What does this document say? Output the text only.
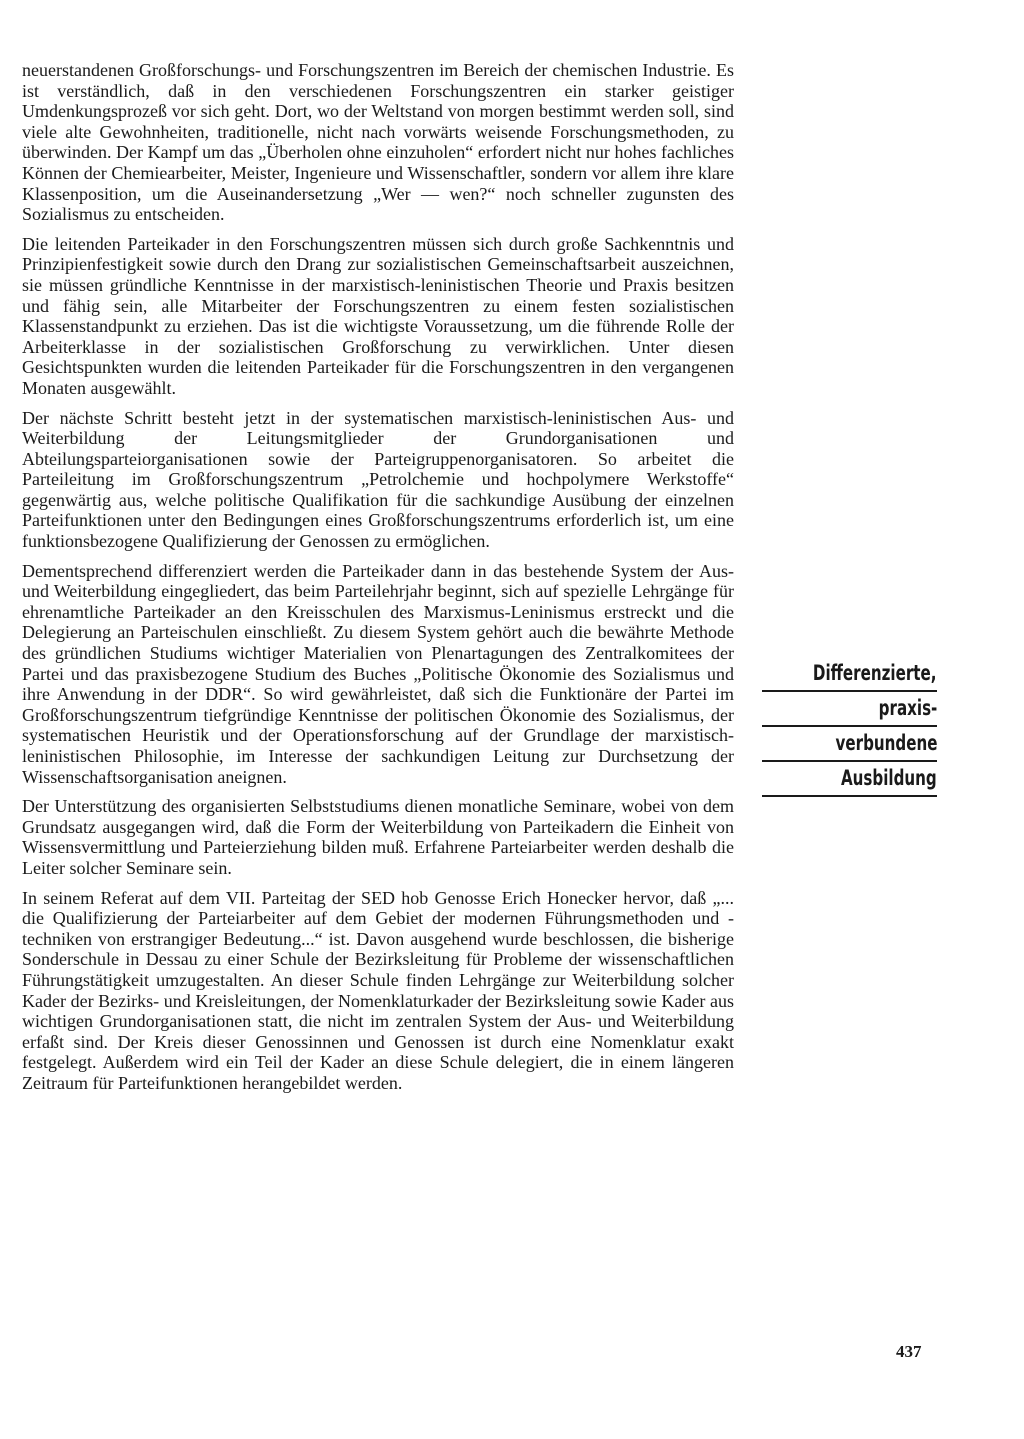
neuerstandenen Großforschungs- und Forschungszentren im Bereich der chemischen Industrie. Es ist verständlich, daß in den verschiedenen Forschungszentren ein starker geistiger Umdenkungsprozeß vor sich geht. Dort, wo der Weltstand von morgen bestimmt werden soll, sind viele alte Gewohnheiten, traditionelle, nicht nach vorwärts weisende Forschungsmethoden, zu überwinden. Der Kampf um das „Überholen ohne einzuholen“ erfordert nicht nur hohes fachliches Können der Chemiearbeiter, Meister, Ingenieure und Wissenschaftler, sondern vor allem ihre klare Klassenposition, um die Auseinandersetzung „Wer — wen?“ noch schneller zugunsten des Sozialismus zu entscheiden.

Die leitenden Parteikader in den Forschungszentren müssen sich durch große Sachkenntnis und Prinzipienfestigkeit sowie durch den Drang zur sozialistischen Gemeinschaftsarbeit auszeichnen, sie müssen gründliche Kenntnisse in der marxistisch-leninistischen Theorie und Praxis besitzen und fähig sein, alle Mitarbeiter der Forschungszentren zu einem festen sozialistischen Klassenstandpunkt zu erziehen. Das ist die wichtigste Voraussetzung, um die führende Rolle der Arbeiterklasse in der sozialistischen Großforschung zu verwirklichen. Unter diesen Gesichtspunkten wurden die leitenden Parteikader für die Forschungszentren in den vergangenen Monaten ausgewählt.

Der nächste Schritt besteht jetzt in der systematischen marxistisch-leninistischen Aus- und Weiterbildung der Leitungsmitglieder der Grundorganisationen und Abteilungsparteiorganisationen sowie der Parteigruppenorganisatoren. So arbeitet die Parteileitung im Großforschungszentrum „Petrolchemie und hochpolymere Werkstoffe“ gegenwärtig aus, welche politische Qualifikation für die sachkundige Ausübung der einzelnen Parteifunktionen unter den Bedingungen eines Großforschungszentrums erforderlich ist, um eine funktionsbezogene Qualifizierung der Genossen zu ermöglichen.

Dementsprechend differenziert werden die Parteikader dann in das bestehende System der Aus- und Weiterbildung eingegliedert, das beim Parteilehrjahr beginnt, sich auf spezielle Lehrgänge für ehrenamtliche Parteikader an den Kreisschulen des Marxismus-Leninismus erstreckt und die Delegierung an Parteischulen einschließt. Zu diesem System gehört auch die bewährte Methode des gründlichen Studiums wichtiger Materialien von Plenartagungen des Zentralkomitees der Partei und das praxisbezogene Studium des Buches „Politische Ökonomie des Sozialismus und ihre Anwendung in der DDR“. So wird gewährleistet, daß sich die Funktionäre der Partei im Großforschungszentrum tiefgründige Kenntnisse der politischen Ökonomie des Sozialismus, der systematischen Heuristik und der Operationsforschung auf der Grundlage der marxistisch-leninistischen Philosophie, im Interesse der sachkundigen Leitung zur Durchsetzung der Wissenschaftsorganisation aneignen.

Der Unterstützung des organisierten Selbststudiums dienen monatliche Seminare, wobei von dem Grundsatz ausgegangen wird, daß die Form der Weiterbildung von Parteikadern die Einheit von Wissensvermittlung und Parteierziehung bilden muß. Erfahrene Parteiarbeiter werden deshalb die Leiter solcher Seminare sein.

In seinem Referat auf dem VII. Parteitag der SED hob Genosse Erich Honecker hervor, daß „... die Qualifizierung der Parteiarbeiter auf dem Gebiet der modernen Führungsmethoden und -techniken von erstrangiger Bedeutung...“ ist. Davon ausgehend wurde beschlossen, die bisherige Sonderschule in Dessau zu einer Schule der Bezirksleitung für Probleme der wissenschaftlichen Führungstätigkeit umzugestalten. An dieser Schule finden Lehrgänge zur Weiterbildung solcher Kader der Bezirks- und Kreisleitungen, der Nomenklaturkader der Bezirksleitung sowie Kader aus wichtigen Grundorganisationen statt, die nicht im zentralen System der Aus- und Weiterbildung erfaßt sind. Der Kreis dieser Genossinnen und Genossen ist durch eine Nomenklatur exakt festgelegt. Außerdem wird ein Teil der Kader an diese Schule delegiert, die in einem längeren Zeitraum für Parteifunktionen herangebildet werden.

Differenzierte,
praxis-
verbundene
Ausbildung
437
